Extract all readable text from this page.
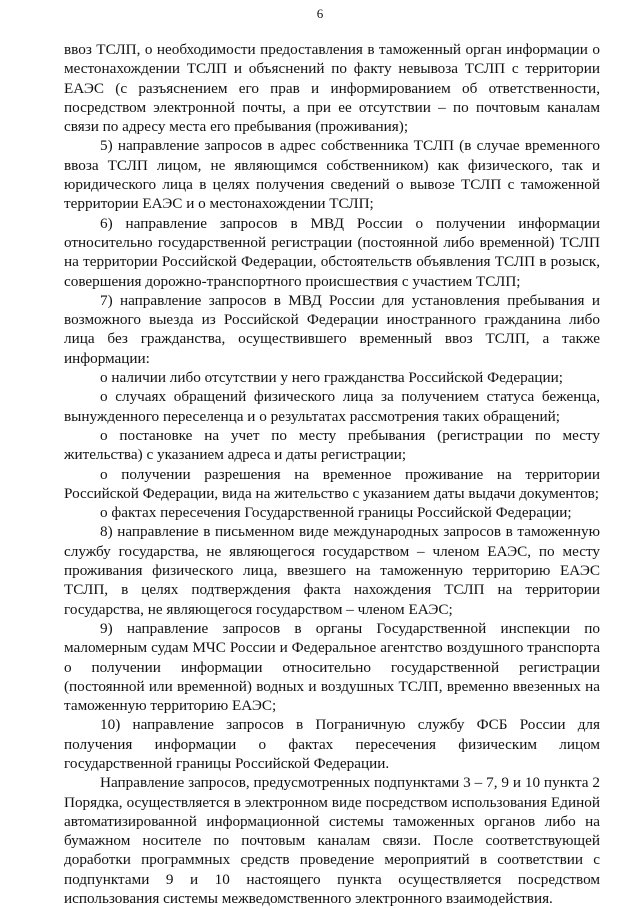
6

ввоз ТСЛП, о необходимости предоставления в таможенный орган информации о местонахождении ТСЛП и объяснений по факту невывоза ТСЛП с территории ЕАЭС (с разъяснением его прав и информированием об ответственности, посредством электронной почты, а при ее отсутствии – по почтовым каналам связи по адресу места его пребывания (проживания);

5) направление запросов в адрес собственника ТСЛП (в случае временного ввоза ТСЛП лицом, не являющимся собственником) как физического, так и юридического лица в целях получения сведений о вывозе ТСЛП с таможенной территории ЕАЭС и о местонахождении ТСЛП;

6) направление запросов в МВД России о получении информации относительно государственной регистрации (постоянной либо временной) ТСЛП на территории Российской Федерации, обстоятельств объявления ТСЛП в розыск, совершения дорожно-транспортного происшествия с участием ТСЛП;

7) направление запросов в МВД России для установления пребывания и возможного выезда из Российской Федерации иностранного гражданина либо лица без гражданства, осуществившего временный ввоз ТСЛП, а также информации:

о наличии либо отсутствии у него гражданства Российской Федерации;

о случаях обращений физического лица за получением статуса беженца, вынужденного переселенца и о результатах рассмотрения таких обращений;

о постановке на учет по месту пребывания (регистрации по месту жительства) с указанием адреса и даты регистрации;

о получении разрешения на временное проживание на территории Российской Федерации, вида на жительство с указанием даты выдачи документов;

о фактах пересечения Государственной границы Российской Федерации;

8) направление в письменном виде международных запросов в таможенную службу государства, не являющегося государством – членом ЕАЭС, по месту проживания физического лица, ввезшего на таможенную территорию ЕАЭС ТСЛП, в целях подтверждения факта нахождения ТСЛП на территории государства, не являющегося государством – членом ЕАЭС;

9) направление запросов в органы Государственной инспекции по маломерным судам МЧС России и Федеральное агентство воздушного транспорта о получении информации относительно государственной регистрации (постоянной или временной) водных и воздушных ТСЛП, временно ввезенных на таможенную территорию ЕАЭС;

10) направление запросов в Пограничную службу ФСБ России для получения информации о фактах пересечения физическим лицом государственной границы Российской Федерации.

Направление запросов, предусмотренных подпунктами 3 – 7, 9 и 10 пункта 2 Порядка, осуществляется в электронном виде посредством использования Единой автоматизированной информационной системы таможенных органов либо на бумажном носителе по почтовым каналам связи. После соответствующей доработки программных средств проведение мероприятий в соответствии с подпунктами 9 и 10 настоящего пункта осуществляется посредством использования системы межведомственного электронного взаимодействия.
